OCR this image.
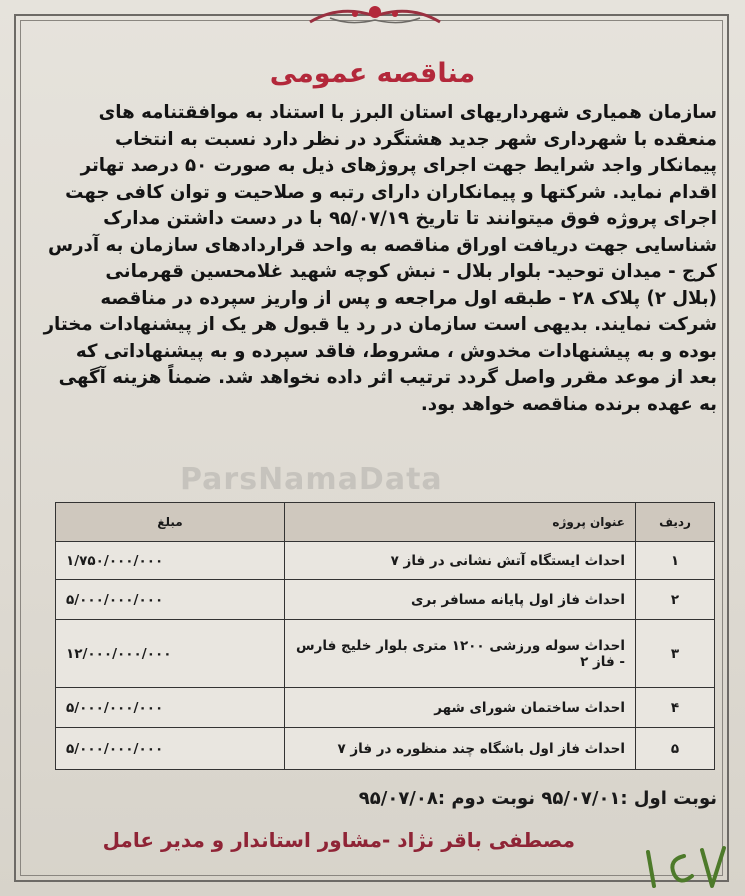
مناقصه عمومی
سازمان همیاری شهرداریهای استان البرز با استناد به موافقتنامه های
منعقده با شهرداری شهر جدید هشتگرد در نظر دارد نسبت به انتخاب
پیمانکار واجد شرایط جهت اجرای پروژهای ذیل به صورت ۵۰ درصد تهاتر
اقدام نماید. شرکتها و پیمانکاران دارای رتبه و صلاحیت و توان کافی جهت
اجرای پروژه فوق میتوانند تا تاریخ ۹۵/۰۷/۱۹ با در دست داشتن مدارک
شناسایی جهت دریافت اوراق مناقصه به واحد قراردادهای سازمان به آدرس
کرج - میدان توحید- بلوار بلال - نبش کوچه شهید غلامحسین قهرمانی
(بلال ۲) پلاک ۲۸ - طبقه اول مراجعه و پس از واریز سپرده در مناقصه
شرکت نمایند. بدیهی است سازمان در رد یا قبول هر یک از پیشنهادات مختار
بوده و به پیشنهادات مخدوش ، مشروط، فاقد سپرده و به پیشنهاداتی که
بعد از موعد مقرر واصل گردد ترتیب اثر داده نخواهد شد. ضمناً هزینه آگهی
به عهده برنده مناقصه خواهد بود.
ParsNamaData
ردیف	عنوان پروژه	مبلغ
۱	احداث ایستگاه آتش نشانی در فاز ۷	۱/۷۵۰/۰۰۰/۰۰۰
۲	احداث فاز اول پایانه مسافر بری	۵/۰۰۰/۰۰۰/۰۰۰
۳	احداث سوله ورزشی ۱۲۰۰ متری بلوار خلیج فارس - فاز ۲	۱۲/۰۰۰/۰۰۰/۰۰۰
۴	احداث ساختمان شورای شهر	۵/۰۰۰/۰۰۰/۰۰۰
۵	احداث فاز اول باشگاه چند منظوره در فاز ۷	۵/۰۰۰/۰۰۰/۰۰۰
نوبت اول :۹۵/۰۷/۰۱ نوبت دوم :۹۵/۰۷/۰۸
مصطفی باقر نژاد -مشاور استاندار و مدیر عامل
